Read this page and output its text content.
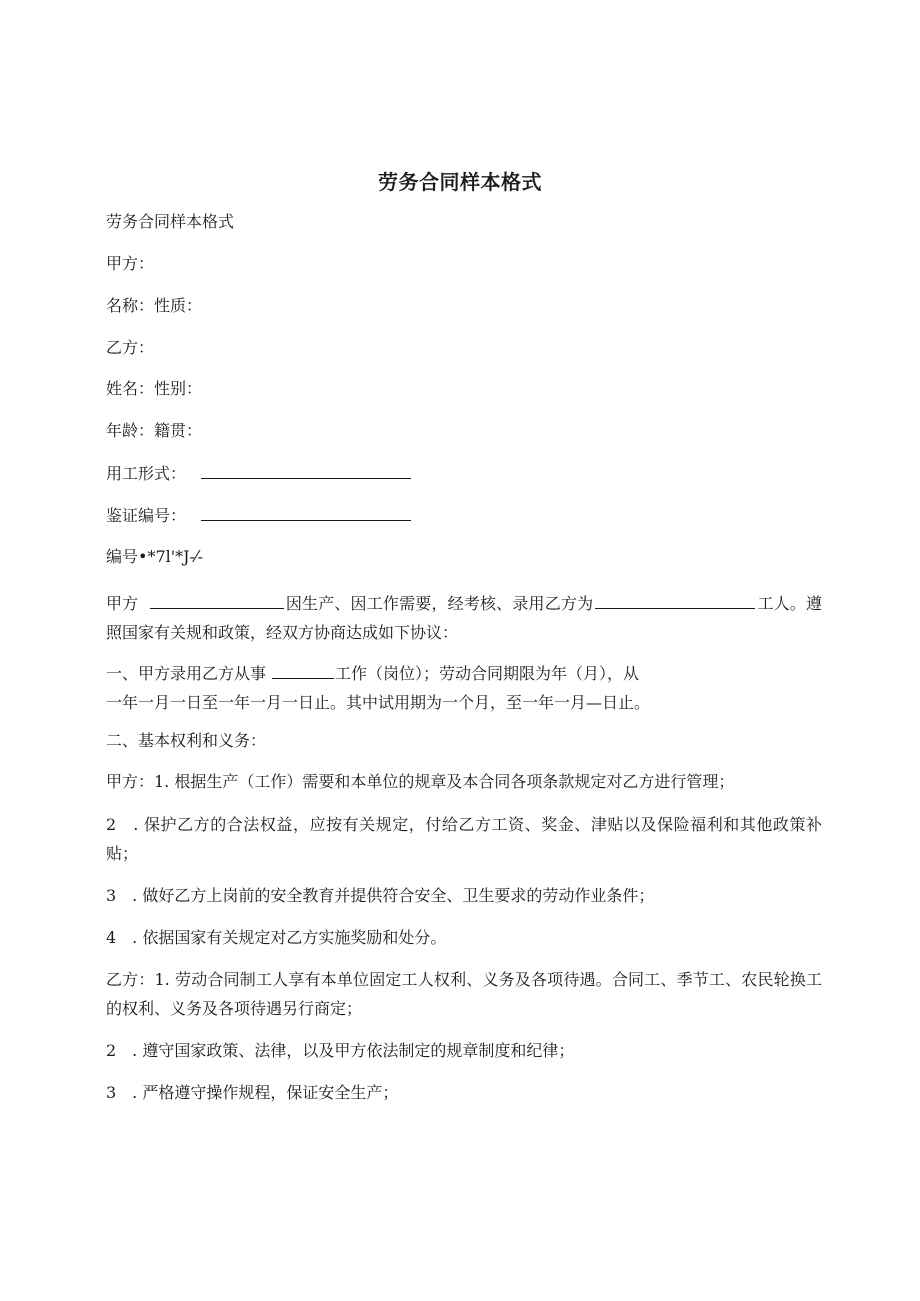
劳务合同样本格式
劳务合同样本格式
甲方：
名称：性质：
乙方：
姓名：性别：
年龄：籍贯：
用工形式：
鉴证编号：
编号•*7l'*J-⁄-
甲方	因生产、因工作需要，经考核、录用乙方为	工人。遵照国家有关规和政策，经双方协商达成如下协议：
一、甲方录用乙方从事	工作（岗位）；劳动合同期限为年（月），从
一年一月一日至一年一月一日止。其中试用期为一个月，至一年一月—日止。
二、基本权利和义务：
甲方：1. 根据生产（工作）需要和本单位的规章及本合同各项条款规定对乙方进行管理；
2　. 保护乙方的合法权益，应按有关规定，付给乙方工资、奖金、津贴以及保险福利和其他政策补贴；
3　. 做好乙方上岗前的安全教育并提供符合安全、卫生要求的劳动作业条件；
4　. 依据国家有关规定对乙方实施奖励和处分。
乙方：1. 劳动合同制工人享有本单位固定工人权利、义务及各项待遇。合同工、季节工、农民轮换工的权利、义务及各项待遇另行商定；
2　. 遵守国家政策、法律，以及甲方依法制定的规章制度和纪律；
3　. 严格遵守操作规程，保证安全生产；
